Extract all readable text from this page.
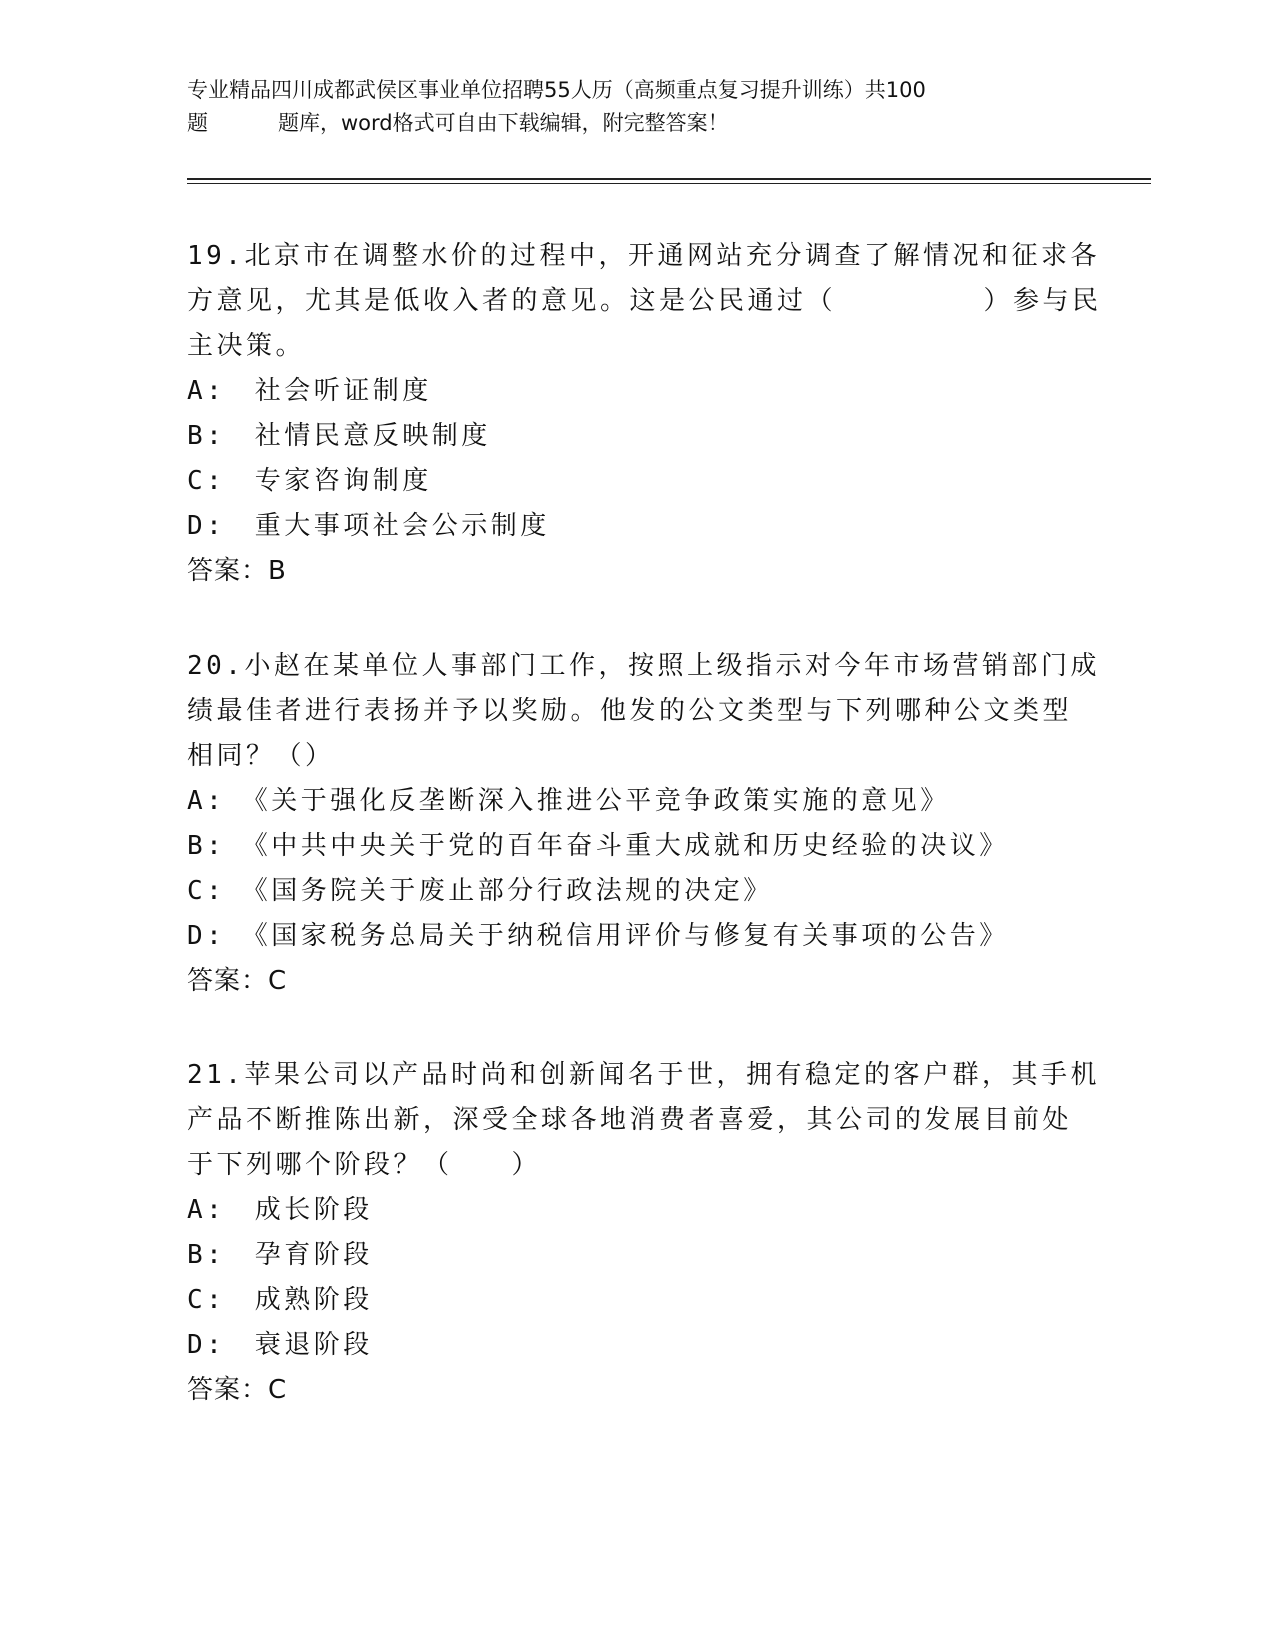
专业精品四川成都武侯区事业单位招聘55人历（高频重点复习提升训练）共100
题	题库，word格式可自由下载编辑，附完整答案！

19.北京市在调整水价的过程中，开通网站充分调查了解情况和征求各

方意见，尤其是低收入者的意见。这是公民通过（　　　　　）参与民

主决策。

A:　社会听证制度

B:　社情民意反映制度

C:　专家咨询制度

D:　重大事项社会公示制度

答案：B

20.小赵在某单位人事部门工作，按照上级指示对今年市场营销部门成

绩最佳者进行表扬并予以奖励。他发的公文类型与下列哪种公文类型

相同？（）

A:　《关于强化反垄断深入推进公平竞争政策实施的意见》

B:　《中共中央关于党的百年奋斗重大成就和历史经验的决议》

C:　《国务院关于废止部分行政法规的决定》

D:　《国家税务总局关于纳税信用评价与修复有关事项的公告》

答案：C

21.苹果公司以产品时尚和创新闻名于世，拥有稳定的客户群，其手机

产品不断推陈出新，深受全球各地消费者喜爱，其公司的发展目前处

于下列哪个阶段？（　　）

A:　成长阶段

B:　孕育阶段

C:　成熟阶段

D:　衰退阶段

答案：C
